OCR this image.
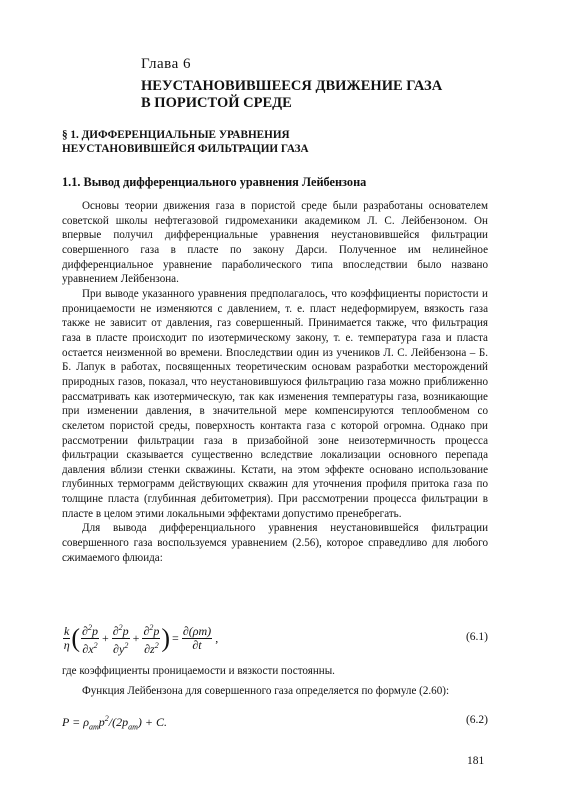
Глава 6
НЕУСТАНОВИВШЕЕСЯ ДВИЖЕНИЕ ГАЗА
В ПОРИСТОЙ СРЕДЕ
§ 1. ДИФФЕРЕНЦИАЛЬНЫЕ УРАВНЕНИЯ
НЕУСТАНОВИВШЕЙСЯ ФИЛЬТРАЦИИ ГАЗА
1.1. Вывод дифференциального уравнения Лейбензона

Основы теории движения газа в пористой среде были разработаны основателем советской школы нефтегазовой гидромеханики академиком Л. С. Лейбензоном. Он впервые получил дифференциальные уравнения неустановившейся фильтрации совершенного газа в пласте по закону Дарси. Полученное им нелинейное дифференциальное уравнение параболического типа впоследствии было названо уравнением Лейбензона.

При выводе указанного уравнения предполагалось, что коэффициенты пористости и проницаемости не изменяются с давлением, т. е. пласт недеформируем, вязкость газа также не зависит от давления, газ совершенный. Принимается также, что фильтрация газа в пласте происходит по изотермическому закону, т. е. температура газа и пласта остается неизменной во времени. Впоследствии один из учеников Л. С. Лейбензона – Б. Б. Лапук в работах, посвященных теоретическим основам разработки месторождений природных газов, показал, что неустановившуюся фильтрацию газа можно приближенно рассматривать как изотермическую, так как изменения температуры газа, возникающие при изменении давления, в значительной мере компенсируются теплообменом со скелетом пористой среды, поверхность контакта газа с которой огромна. Однако при рассмотрении фильтрации газа в призабойной зоне неизотермичность процесса фильтрации сказывается существенно вследствие локализации основного перепада давления вблизи стенки скважины. Кстати, на этом эффекте основано использование глубинных термограмм действующих скважин для уточнения профиля притока газа по толщине пласта (глубинная дебитометрия). При рассмотрении процесса фильтрации в пласте в целом этими локальными эффектами допустимо пренебрегать.

Для вывода дифференциального уравнения неустановившейся фильтрации совершенного газа воспользуемся уравнением (2.56), которое справедливо для любого сжимаемого флюида:

$\frac{k}{\eta}$ ( $\frac{\partial^2p}{\partial x^2} + \frac{\partial^2p}{\partial y^2} + \frac{\partial^2p}{\partial z^2}$ ) = $\frac{\partial(\rho m)}{\partial t}$ ,	(6.1)

где коэффициенты проницаемости и вязкости постоянны.

Функция Лейбензона для совершенного газа определяется по формуле (2.60):

$P = \rho_{ат}p^2/(2p_{ат}) + C$.	(6.2)
181
